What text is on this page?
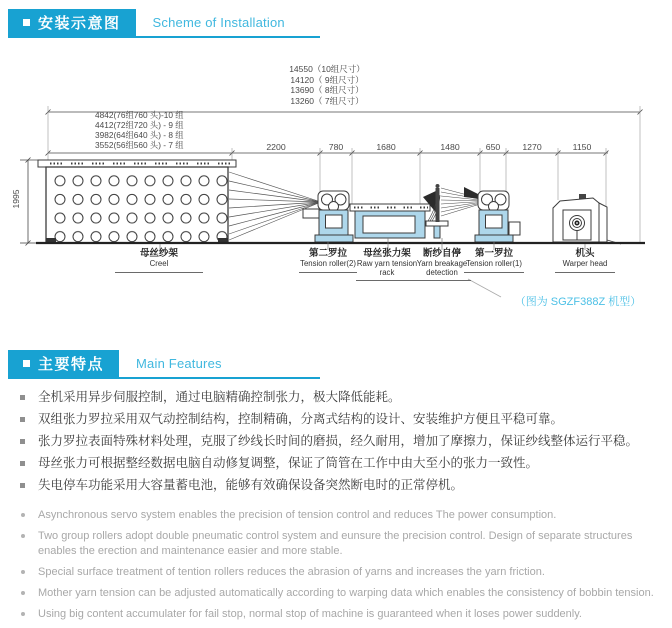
安装示意图 Scheme of Installation
14550（10组尺寸）
14120（ 9组尺寸）
13690（ 8组尺寸）
13260（ 7组尺寸）
4842(76组760 头)-10 组
4412(72组720 头) - 9 组
3982(64组640 头) - 8 组
3552(56组560 头) - 7 组	2200	780	1680	1480	650	1270	1150
1995
母丝纱架
Creel
第二罗拉
Tension roller(2)
母丝张力架
Raw yarn tension rack
断纱自停
Yarn breakage detection
第一罗拉
Tension roller(1)
机头
Warper head
（图为 SGZF388Z 机型）
主要特点 Main Features
全机采用异步伺服控制，通过电脑精确控制张力，极大降低能耗。
双组张力罗拉采用双气动控制结构，控制精确，分离式结构的设计、安装维护方便且平稳可靠。
张力罗拉表面特殊材料处理，克服了纱线长时间的磨损，经久耐用，增加了摩擦力，保证纱线整体运行平稳。
母丝张力可根据整经数据电脑自动修复调整，保证了筒管在工作中由大至小的张力一致性。
失电停车功能采用大容量蓄电池，能够有效确保设备突然断电时的正常停机。
Asynchronous servo system enables the precision of tension control and reduces The power consumption.
Two group rollers adopt double pneumatic control system and eunsure the precision control. Design of separate structures enables the erection and maintenance easier and more stable.
Special surface treatment of tention rollers reduces the abrasion of yarns and increases the yarn friction.
Mother yarn tension can be adjusted automatically according to warping data which enables the consistency of bobbin tension.
Using big content accumulater for fail stop, normal stop of machine is guaranteed when it loses power suddenly.
